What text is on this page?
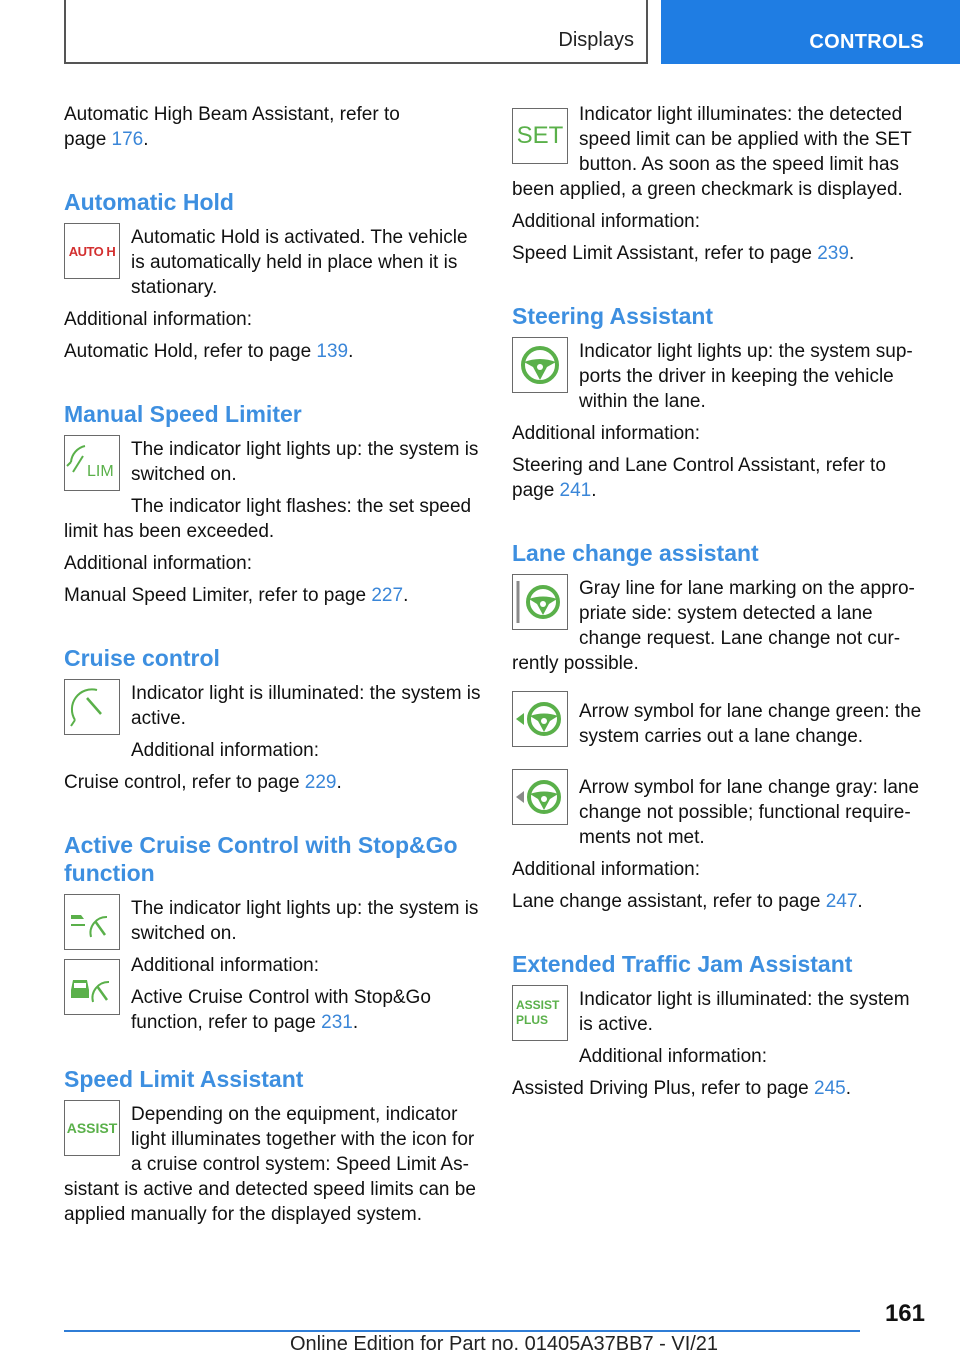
Displays	CONTROLS

Automatic High Beam Assistant, refer to
page 176.

Automatic Hold
AUTO H

Automatic Hold is activated. The vehicle is automatically held in place when it is stationary.

Additional information:

Automatic Hold, refer to page 139.

Manual Speed Limiter
LIM

The indicator light lights up: the system is switched on.

The indicator light flashes: the set speed

limit has been exceeded.

Additional information:

Manual Speed Limiter, refer to page 227.

Cruise control

Indicator light is illuminated: the system is active.

Additional information:

Cruise control, refer to page 229.

Active Cruise Control with Stop&Go
function

The indicator light lights up: the system is switched on.

Additional information:

Active Cruise Control with Stop&Go function, refer to page 231.

Speed Limit Assistant
ASSIST

Depending on the equipment, indicator light illuminates together with the icon for a cruise control system: Speed Limit As-
sistant is active and detected speed limits can be applied manually for the displayed system.

SET

Indicator light illuminates: the detected speed limit can be applied with the SET button. As soon as the speed limit has
been applied, a green checkmark is displayed.

Additional information:

Speed Limit Assistant, refer to page 239.

Steering Assistant

Indicator light lights up: the system sup- ports the driver in keeping the vehicle within the lane.

Additional information:

Steering and Lane Control Assistant, refer to
page 241.

Lane change assistant

Gray line for lane marking on the appro- priate side: system detected a lane change request. Lane change not cur-
rently possible.

Arrow symbol for lane change green: the system carries out a lane change.

Arrow symbol for lane change gray: lane change not possible; functional require- ments not met.

Additional information:

Lane change assistant, refer to page 247.

Extended Traffic Jam Assistant
ASSIST
PLUS

Indicator light is illuminated: the system is active.

Additional information:

Assisted Driving Plus, refer to page 245.

161
Online Edition for Part no. 01405A37BB7 - VI/21
